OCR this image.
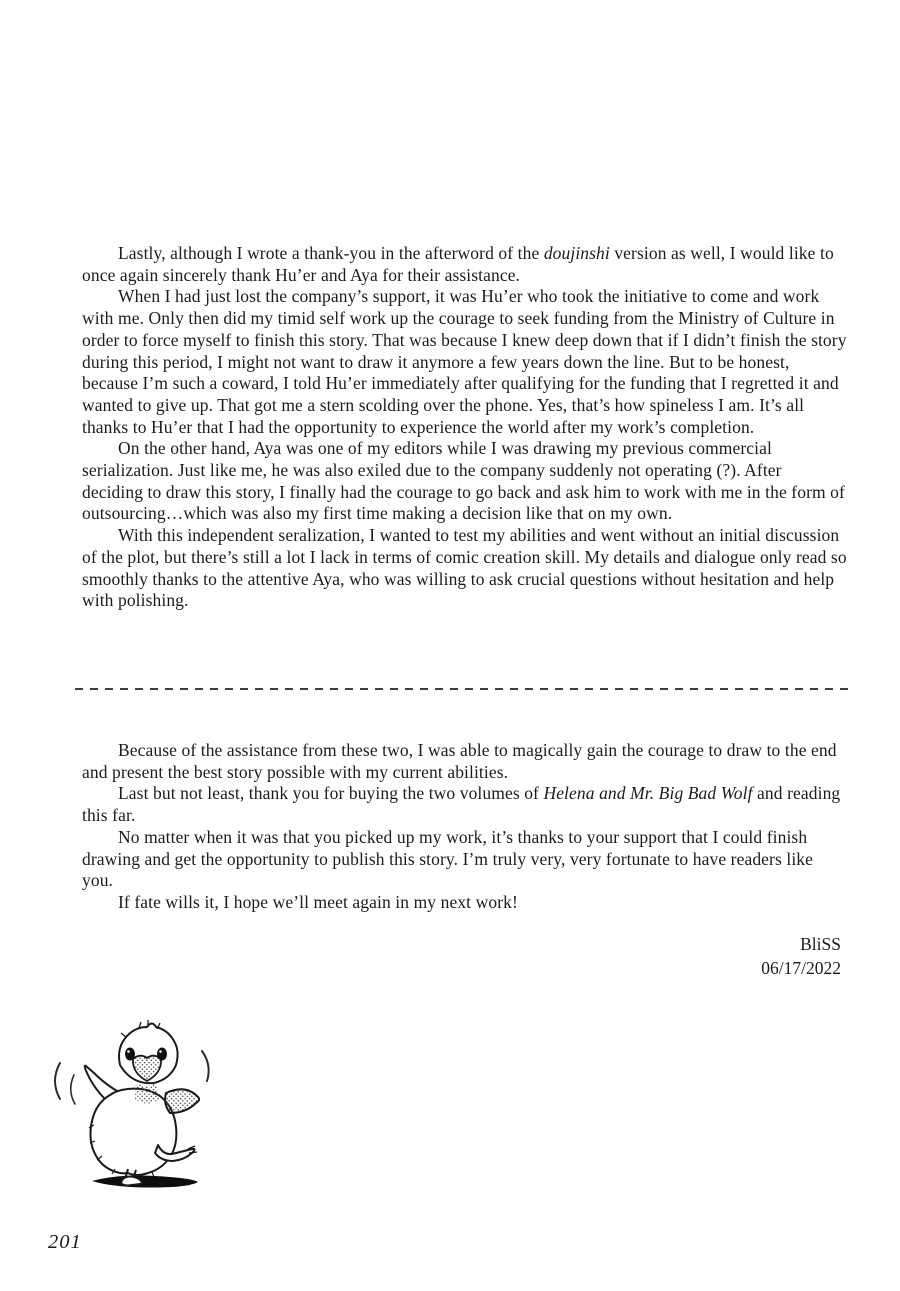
Lastly, although I wrote a thank-you in the afterword of the doujinshi version as well, I would like to once again sincerely thank Hu’er and Aya for their assistance.

When I had just lost the company’s support, it was Hu’er who took the initiative to come and work with me. Only then did my timid self work up the courage to seek funding from the Ministry of Culture in order to force myself to finish this story. That was because I knew deep down that if I didn’t finish the story during this period, I might not want to draw it anymore a few years down the line. But to be honest, because I’m such a coward, I told Hu’er immediately after qualifying for the funding that I regretted it and wanted to give up. That got me a stern scolding over the phone. Yes, that’s how spineless I am. It’s all thanks to Hu’er that I had the opportunity to experience the world after my work’s completion.

On the other hand, Aya was one of my editors while I was drawing my previous commercial serialization. Just like me, he was also exiled due to the company suddenly not operating (?). After deciding to draw this story, I finally had the courage to go back and ask him to work with me in the form of outsourcing…which was also my first time making a decision like that on my own.

With this independent seralization, I wanted to test my abilities and went without an initial discussion of the plot, but there’s still a lot I lack in terms of comic creation skill. My details and dialogue only read so smoothly thanks to the attentive Aya, who was willing to ask crucial questions without hesitation and help with polishing.

Because of the assistance from these two, I was able to magically gain the courage to draw to the end and present the best story possible with my current abilities.

Last but not least, thank you for buying the two volumes of Helena and Mr. Big Bad Wolf and reading this far.

No matter when it was that you picked up my work, it’s thanks to your support that I could finish drawing and get the opportunity to publish this story. I’m truly very, very fortunate to have readers like you.

If fate wills it, I hope we’ll meet again in my next work!

BliSS
06/17/2022
201
